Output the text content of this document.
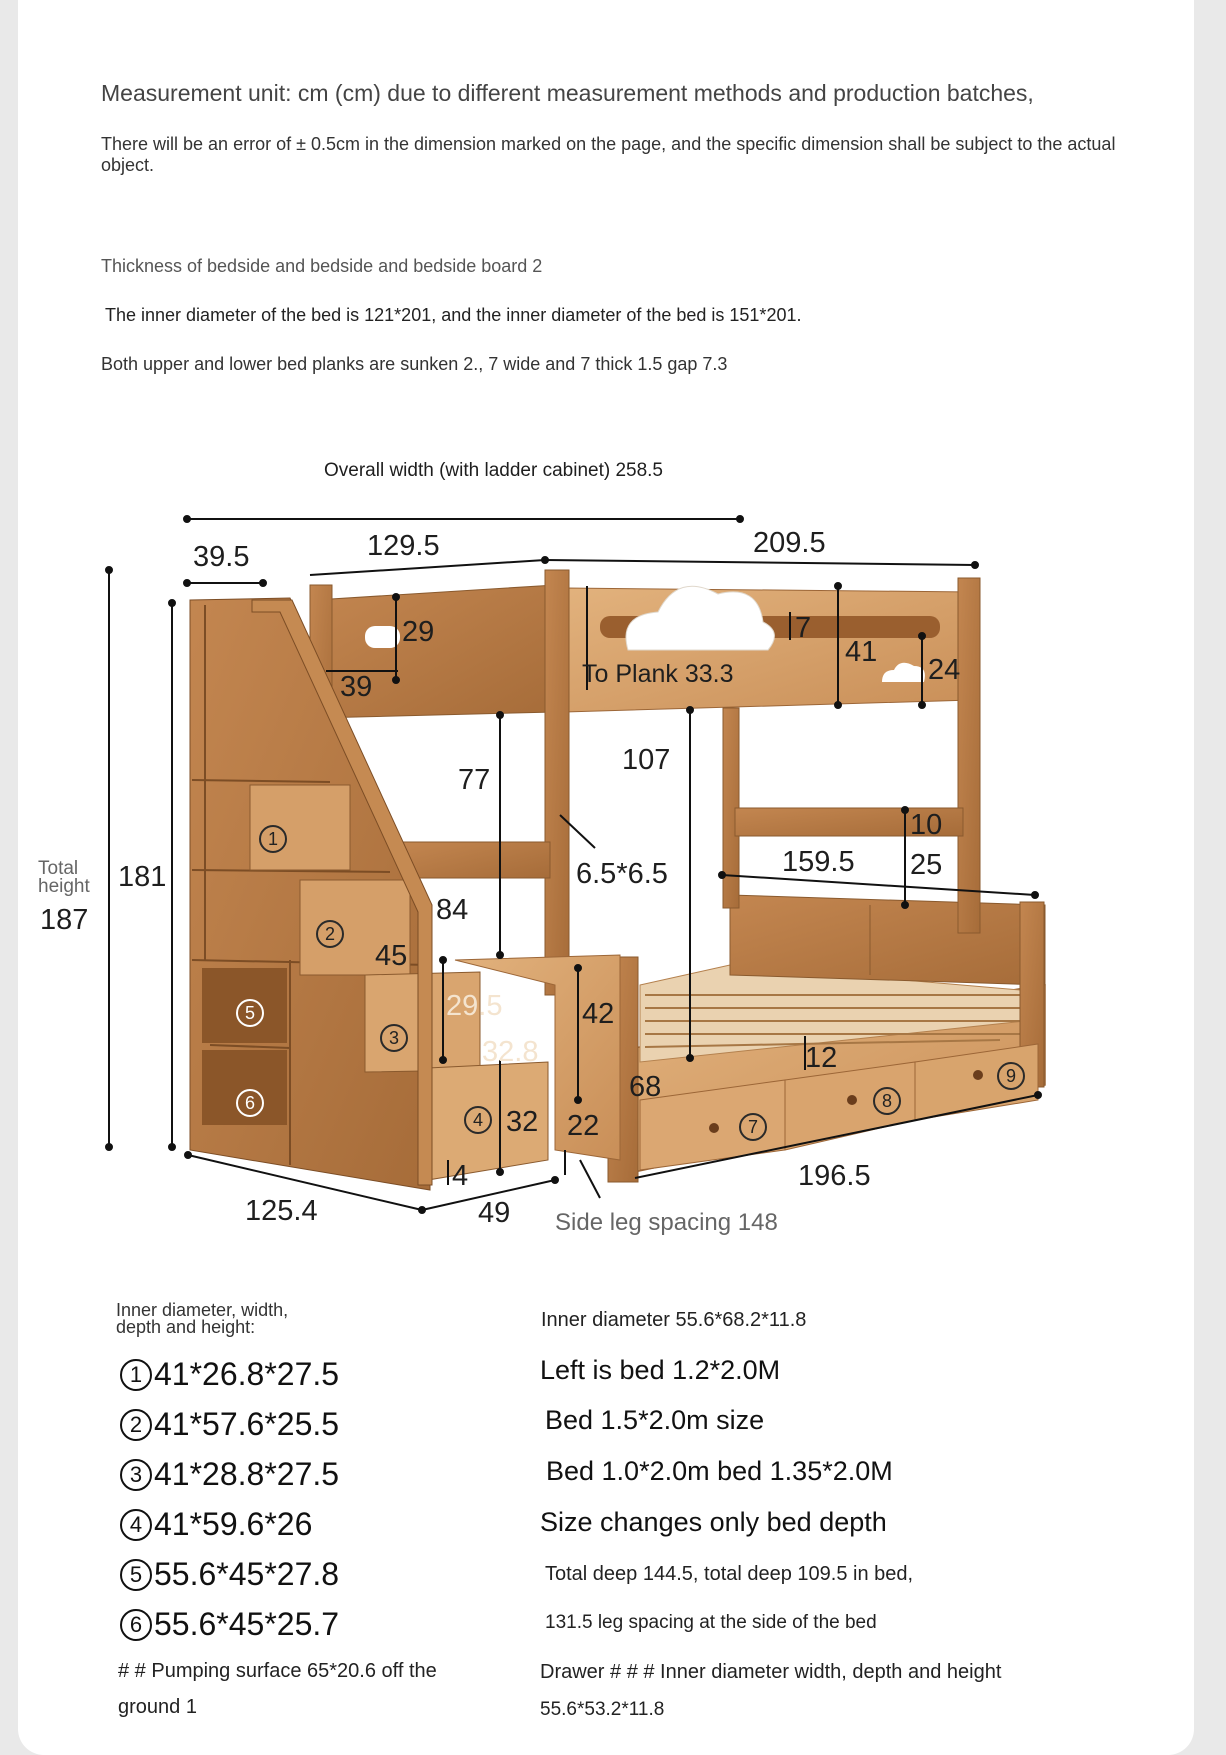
Measurement unit: cm (cm) due to different measurement methods and production batches,
There will be an error of ± 0.5cm in the dimension marked on the page, and the specific dimension shall be subject to the actual object.
Thickness of bedside and bedside and bedside board 2
The inner diameter of the bed is 121*201, and the inner diameter of the bed is 151*201.
Both upper and lower bed planks are sunken 2., 7 wide and 7 thick 1.5 gap 7.3
Overall width (with ladder cabinet) 258.5
39.5	129.5	209.5
29
39
7
41
24
To Plank 33.3
77
107
10
25
159.5
6.5*6.5
Total
height
187
181
84
45
29.5
32.8
42
12
68
32 22
4
125.4	49
196.5
Side leg spacing 148
1
2
3
4
5
6
7
8
9
Inner diameter, width, depth and height:
1 41*26.8*27.5
2 41*57.6*25.5
3 41*28.8*27.5
4 41*59.6*26
5 55.6*45*27.8
6 55.6*45*25.7
# # Pumping surface 65*20.6 off the
ground 1
Inner diameter 55.6*68.2*11.8
Left is bed 1.2*2.0M
Bed 1.5*2.0m size
Bed 1.0*2.0m bed 1.35*2.0M
Size changes only bed depth
Total deep 144.5, total deep 109.5 in bed,
131.5 leg spacing at the side of the bed
Drawer # # # Inner diameter width, depth and height
55.6*53.2*11.8
